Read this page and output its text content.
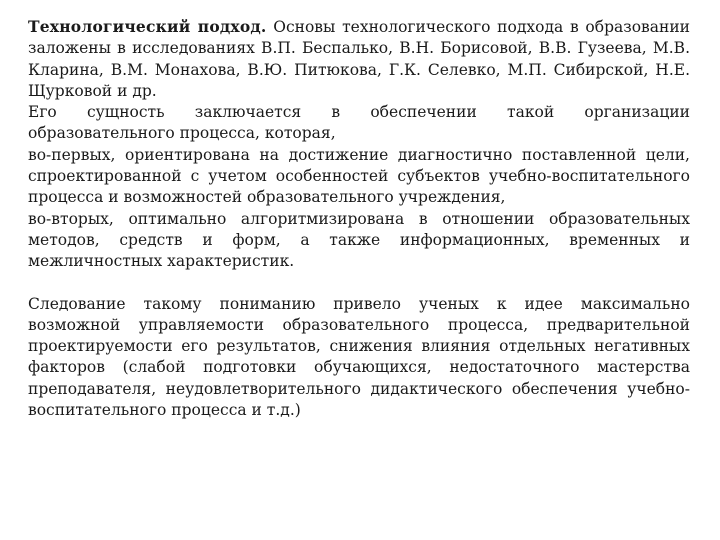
Технологический подход. Основы технологического подхода в образовании
заложены в исследованиях В.П. Беспалько, В.Н. Борисовой, В.В. Гузеева, М.В.
Кларина, В.М. Монахова, В.Ю. Питюкова, Г.К. Селевко, М.П. Сибирской, Н.Е.
Щурковой и др.
Его сущность заключается в обеспечении такой организации
образовательного процесса, которая,
во-первых, ориентирована на достижение диагностично поставленной цели,
спроектированной с учетом особенностей субъектов учебно-воспитательного
процесса и возможностей образовательного учреждения,
во-вторых, оптимально алгоритмизирована в отношении образовательных
методов, средств и форм, а также информационных, временных и
межличностных характеристик.
Следование такому пониманию привело ученых к идее максимально
возможной управляемости образовательного процесса, предварительной
проектируемости его результатов, снижения влияния отдельных негативных
факторов (слабой подготовки обучающихся, недостаточного мастерства
преподавателя, неудовлетворительного дидактического обеспечения учебно-
воспитательного процесса и т.д.)
